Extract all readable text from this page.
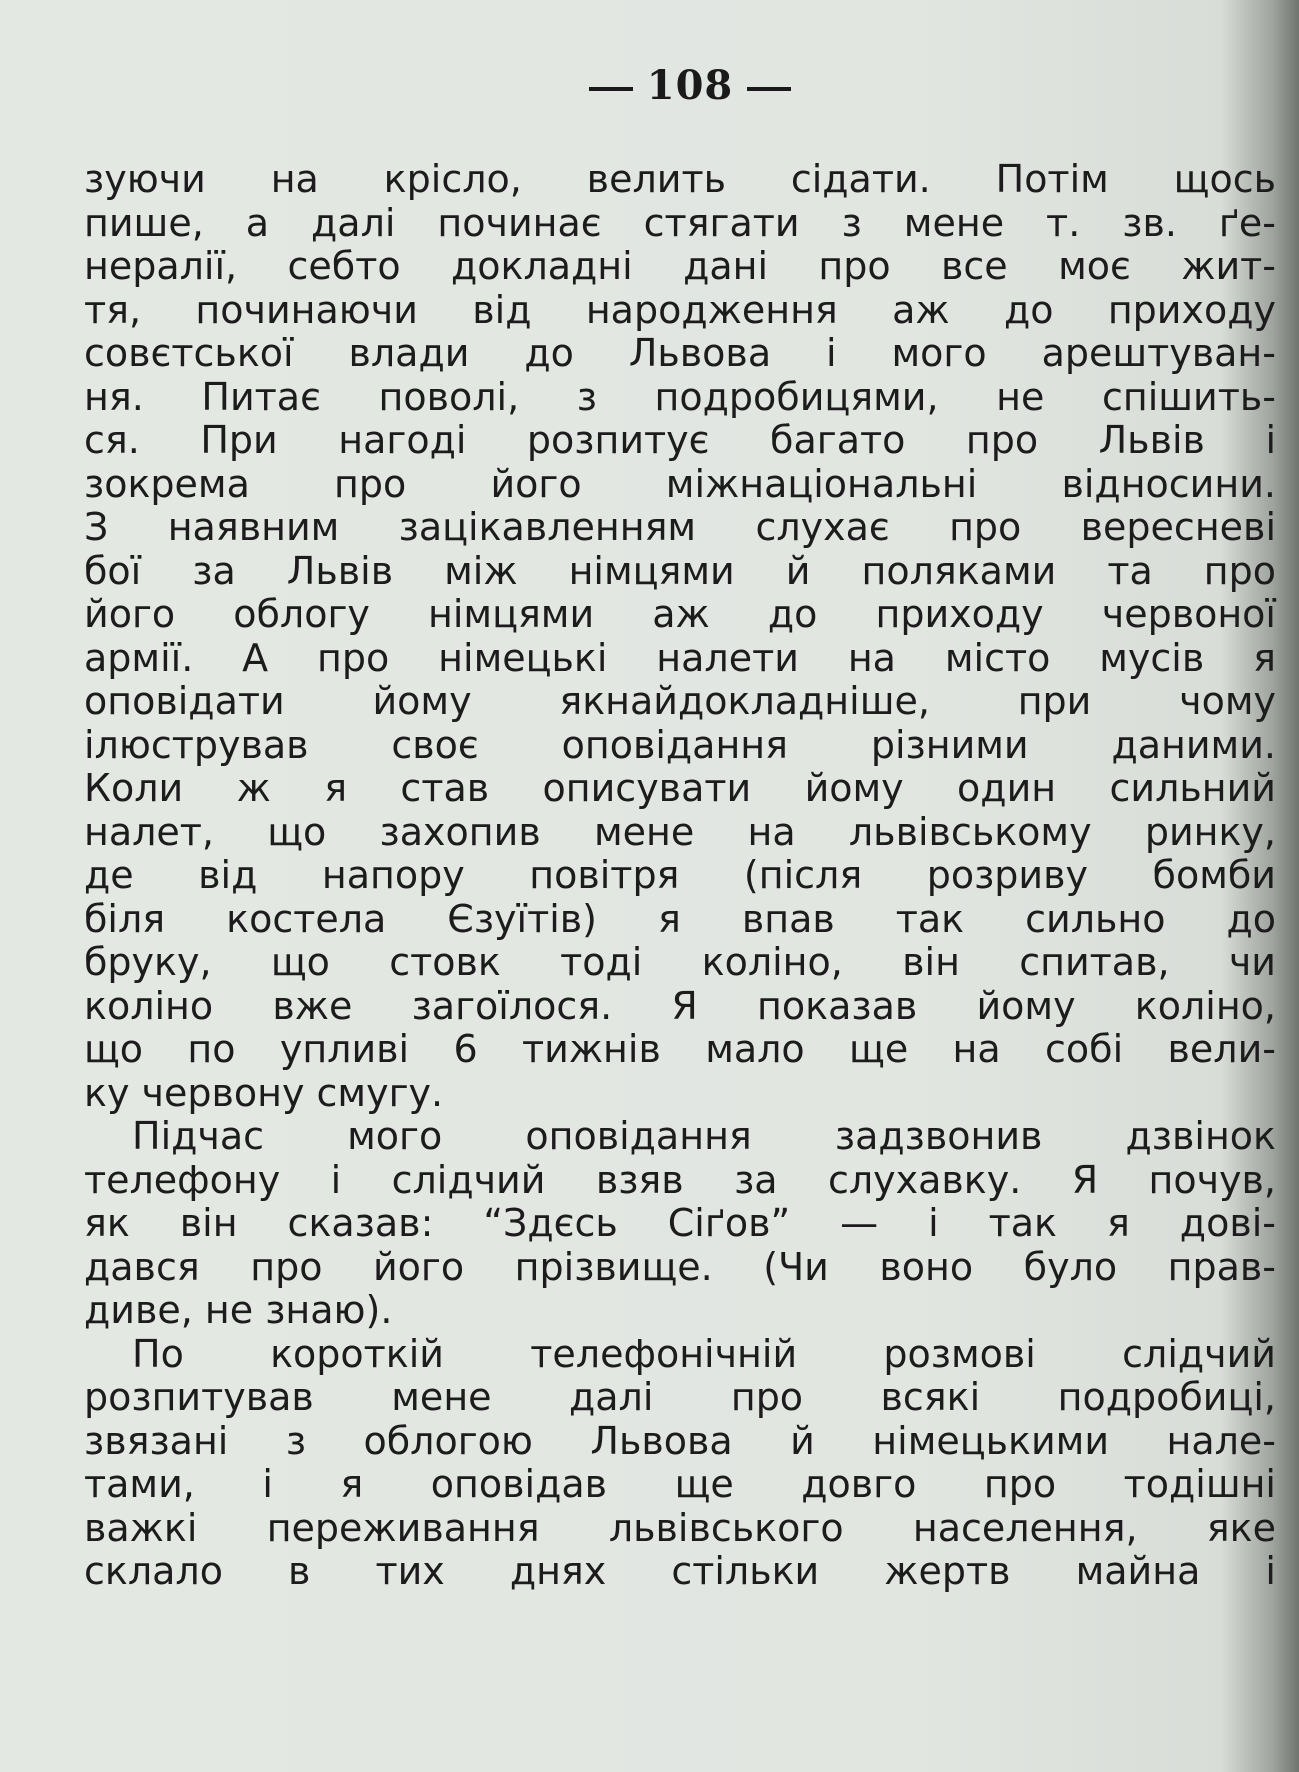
108
зуючи на крісло, велить сідати. Потім щось
пише, а далі починає стягати з мене т. зв. ґе-
нералії, себто докладні дані про все моє жит-
тя, починаючи від народження аж до приходу
совєтської влади до Львова і мого арештуван-
ня. Питає поволі, з подробицями, не спішить-
ся. При нагоді розпитує багато про Львів і
зокрема про його міжнаціональні відносини.
З наявним зацікавленням слухає про вересневі
бої за Львів між німцями й поляками та про
його облогу німцями аж до приходу червоної
армії. А про німецькі налети на місто мусів я
оповідати йому якнайдокладніше, при чому
ілюстрував своє оповідання різними даними.
Коли ж я став описувати йому один сильний
налет, що захопив мене на львівському ринку,
де від напору повітря (після розриву бомби
біля костела Єзуїтів) я впав так сильно до
бруку, що стовк тоді коліно, він спитав, чи
коліно вже загоїлося. Я показав йому коліно,
що по упливі 6 тижнів мало ще на собі вели-
ку червону смугу.
Підчас мого оповідання задзвонив дзвінок
телефону і слідчий взяв за слухавку. Я почув,
як він сказав: “Здєсь Сіґов” — і так я дові-
дався про його прізвище. (Чи воно було прав-
диве, не знаю).
По короткій телефонічній розмові слідчий
розпитував мене далі про всякі подробиці,
звязані з облогою Львова й німецькими нале-
тами, і я оповідав ще довго про тодішні
важкі переживання львівського населення, яке
склало в тих днях стільки жертв майна і
